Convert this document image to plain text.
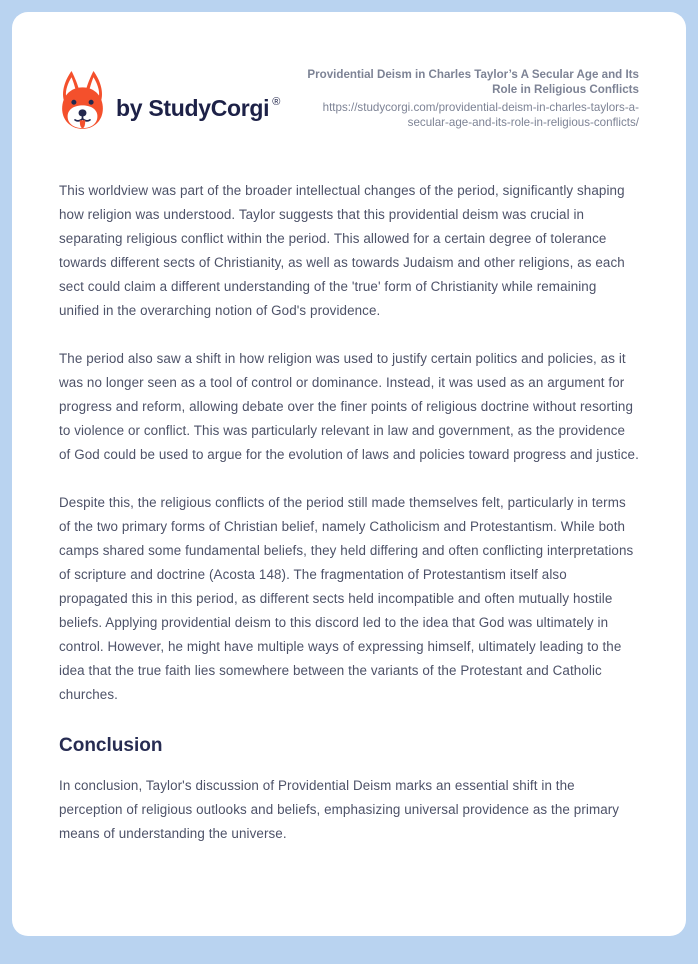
by StudyCorgi ®
Providential Deism in Charles Taylor’s A Secular Age and Its Role in Religious Conflicts
https://studycorgi.com/providential-deism-in-charles-taylors-a-secular-age-and-its-role-in-religious-conflicts/

This worldview was part of the broader intellectual changes of the period, significantly shaping how religion was understood. Taylor suggests that this providential deism was crucial in separating religious conflict within the period. This allowed for a certain degree of tolerance towards different sects of Christianity, as well as towards Judaism and other religions, as each sect could claim a different understanding of the 'true' form of Christianity while remaining unified in the overarching notion of God's providence.

The period also saw a shift in how religion was used to justify certain politics and policies, as it was no longer seen as a tool of control or dominance. Instead, it was used as an argument for progress and reform, allowing debate over the finer points of religious doctrine without resorting to violence or conflict. This was particularly relevant in law and government, as the providence of God could be used to argue for the evolution of laws and policies toward progress and justice.

Despite this, the religious conflicts of the period still made themselves felt, particularly in terms of the two primary forms of Christian belief, namely Catholicism and Protestantism. While both camps shared some fundamental beliefs, they held differing and often conflicting interpretations of scripture and doctrine (Acosta 148). The fragmentation of Protestantism itself also propagated this in this period, as different sects held incompatible and often mutually hostile beliefs. Applying providential deism to this discord led to the idea that God was ultimately in control. However, he might have multiple ways of expressing himself, ultimately leading to the idea that the true faith lies somewhere between the variants of the Protestant and Catholic churches.

Conclusion

In conclusion, Taylor's discussion of Providential Deism marks an essential shift in the perception of religious outlooks and beliefs, emphasizing universal providence as the primary means of understanding the universe.
